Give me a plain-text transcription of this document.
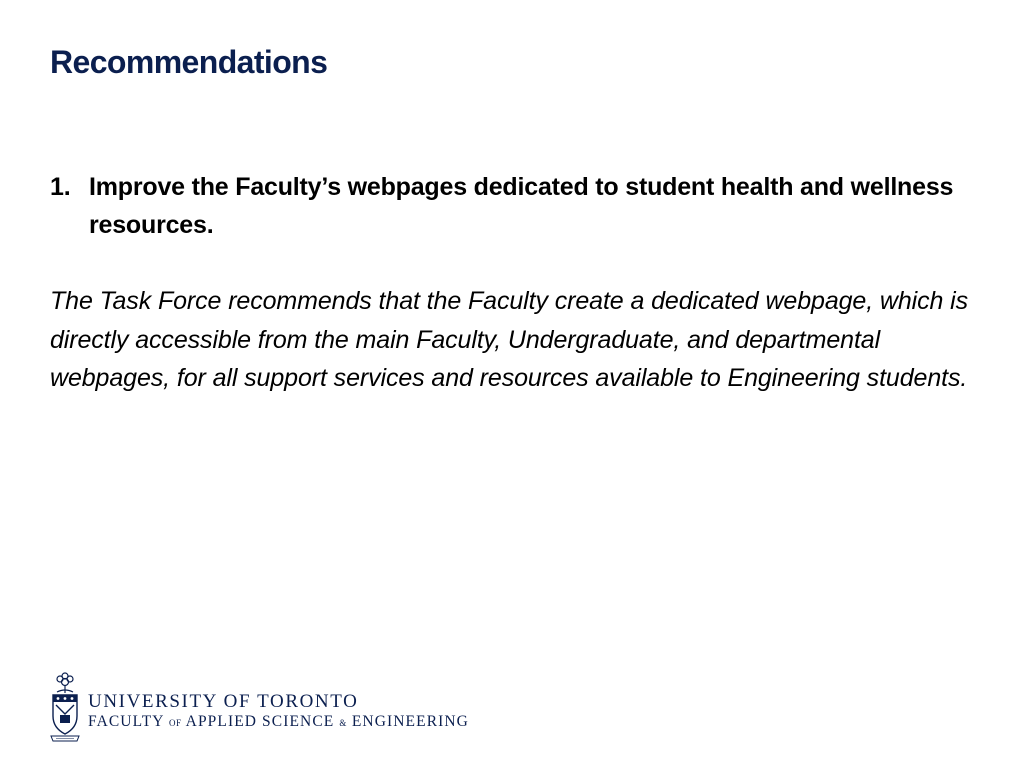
Recommendations
1. Improve the Faculty’s webpages dedicated to student health and wellness resources.

The Task Force recommends that the Faculty create a dedicated webpage, which is directly accessible from the main Faculty, Undergraduate, and departmental webpages, for all support services and resources available to Engineering students.

UNIVERSITY OF TORONTO
FACULTY OF APPLIED SCIENCE & ENGINEERING
